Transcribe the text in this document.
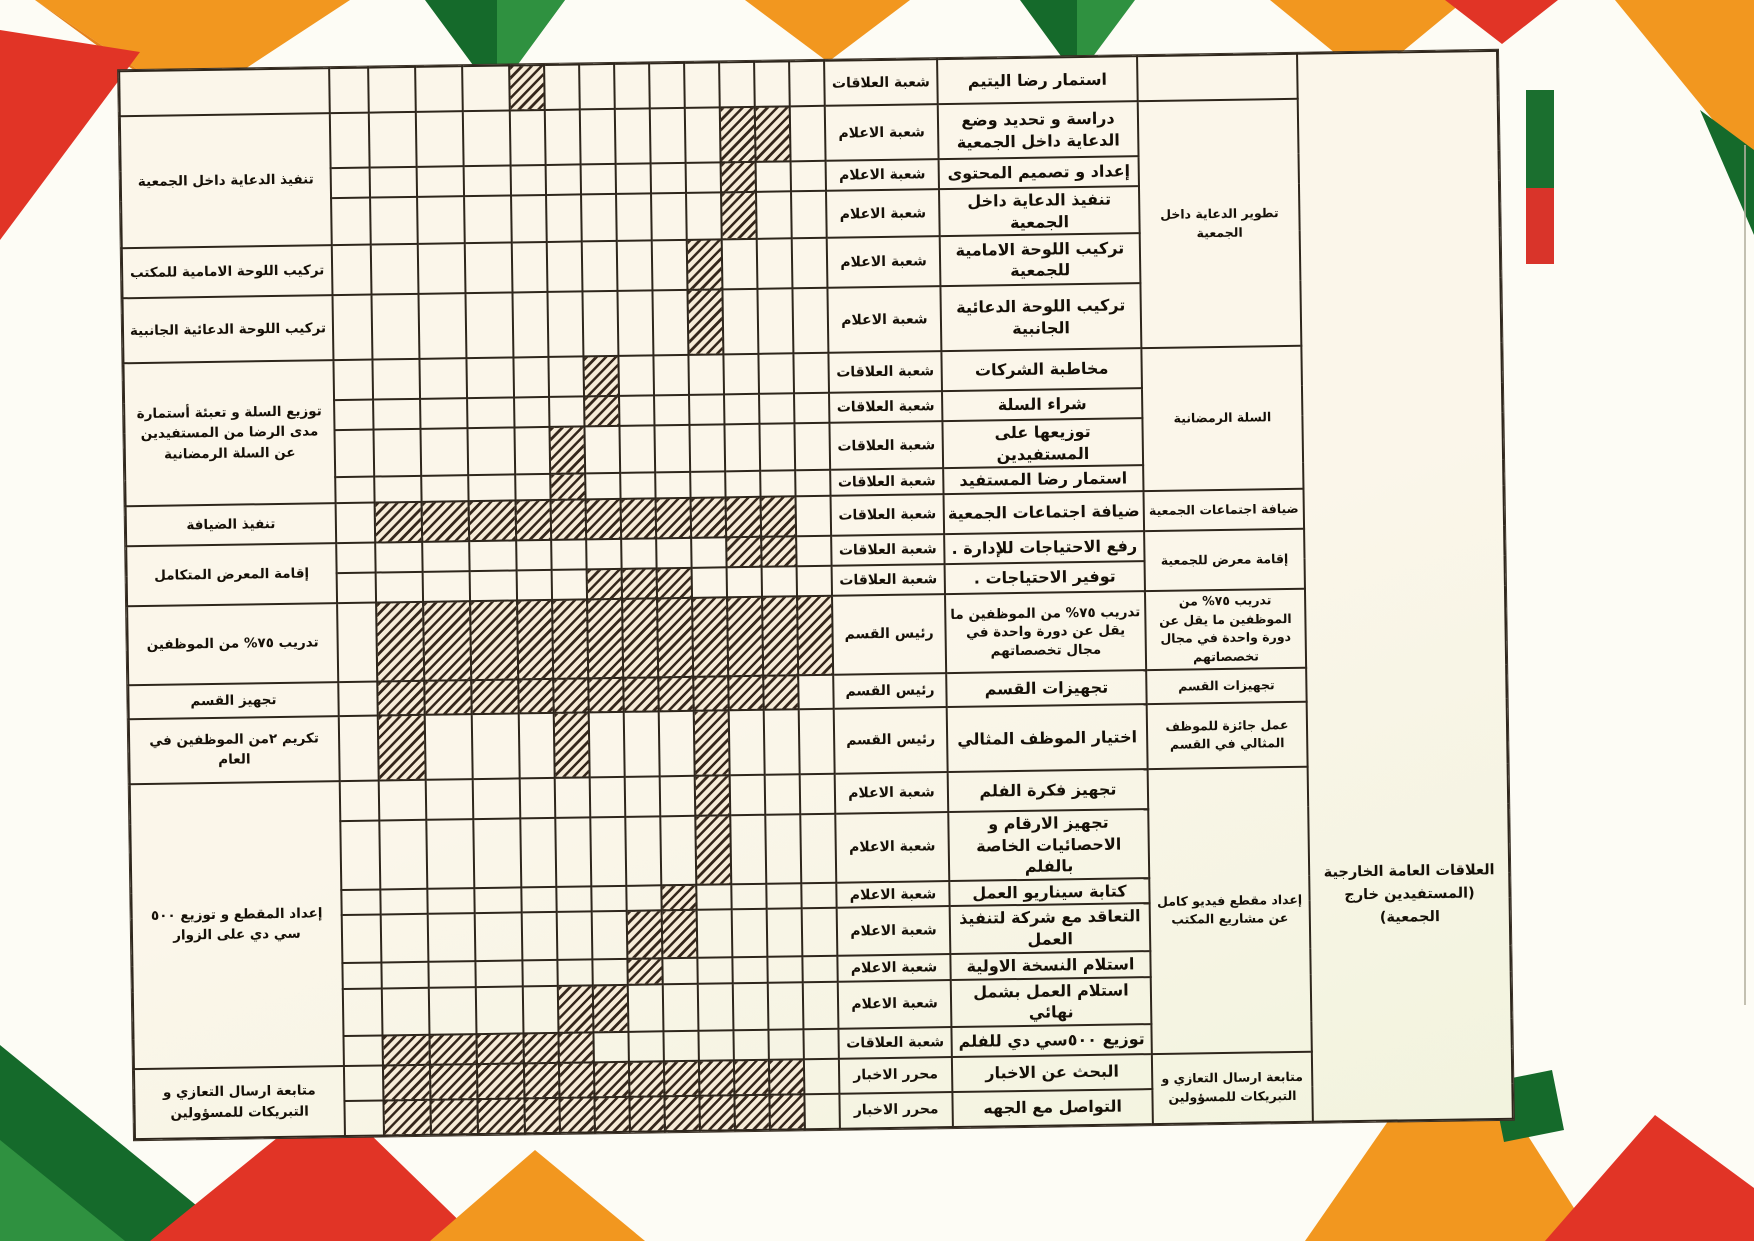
														شعبة العلاقات	استمار رضا اليتيم		العلاقات العامة الخارجية (المستفيدين خارج الجمعية)

تنفيذ الدعاية داخل الجمعية														شعبة الاعلام	دراسة و تحديد وضع الدعاية داخل الجمعية	تطوير الدعاية داخل الجمعية	
														شعبة الاعلام	إعداد و تصميم المحتوى		
														شعبة الاعلام	تنفيذ الدعاية داخل الجمعية		
تركيب اللوحة الامامية للمكتب														شعبة الاعلام	تركيب اللوحة الامامية للجمعية		
تركيب اللوحة الدعائية الجانبية														شعبة الاعلام	تركيب اللوحة الدعائية الجانبية		
توزيع السلة و تعبئة أستمارة مدى الرضا من المستفيدين عن السلة الرمضانية														شعبة العلاقات	مخاطبة الشركات	السلة الرمضانية	
														شعبة العلاقات	شراء السلة		
														شعبة العلاقات	توزيعها على المستفيدين		
														شعبة العلاقات	استمار رضا المستفيد		
تنفيذ الضيافة														شعبة العلاقات	ضيافة اجتماعات الجمعية	ضيافة اجتماعات الجمعية	
إقامة المعرض المتكامل														شعبة العلاقات	رفع الاحتياجات للإدارة .	إقامة معرض للجمعية	
														شعبة العلاقات	توفير الاحتياجات .		
تدريب ٧٥% من الموظفين														رئيس القسم	تدريب ٧٥% من الموظفين ما يقل عن دورة واحدة في مجال تخصصاتهم	تدريب ٧٥% من الموظفين ما يقل عن دورة واحدة في مجال تخصصاتهم	
تجهيز القسم														رئيس القسم	تجهيزات القسم	تجهيزات القسم	
تكريم ٢من الموظفين في العام														رئيس القسم	اختيار الموظف المثالي	عمل جائزة للموظف المثالي في القسم	
إعداد المقطع و توزيع ٥٠٠ سي دي على الزوار														شعبة الاعلام	تجهيز فكرة الفلم	إعداد مقطع فيديو كامل عن مشاريع المكتب	
														شعبة الاعلام	تجهيز الارقام و الاحصائيات الخاصة بالفلم		
														شعبة الاعلام	كتابة سيناريو العمل		
														شعبة الاعلام	التعاقد مع شركة لتنفيذ العمل		
														شعبة الاعلام	استلام النسخة الاولية		
														شعبة الاعلام	استلام العمل بشمل نهائي		
														شعبة العلاقات	توزيع ٥٠٠سي دي للفلم		
متابعة ارسال التعازي و التبريكات للمسؤولين														محرر الاخبار	البحث عن الاخبار	متابعة ارسال التعازي و التبريكات للمسؤولين	
														محرر الاخبار	التواصل مع الجهه		
